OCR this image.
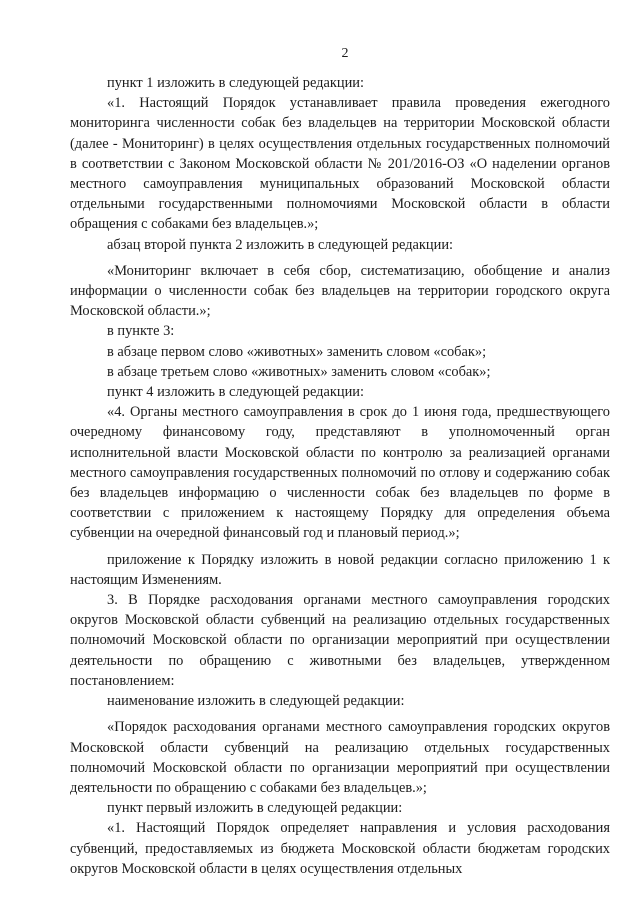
2

пункт 1 изложить в следующей редакции:

«1. Настоящий Порядок устанавливает правила проведения ежегодного мониторинга численности собак без владельцев на территории Московской области (далее - Мониторинг) в целях осуществления отдельных государственных полномочий в соответствии с Законом Московской области № 201/2016-ОЗ «О наделении органов местного самоуправления муниципальных образований Московской области отдельными государственными полномочиями Московской области в области обращения с собаками без владельцев.»;

абзац второй пункта 2 изложить в следующей редакции:

«Мониторинг включает в себя сбор, систематизацию, обобщение и анализ информации о численности собак без владельцев на территории городского округа Московской области.»;

в пункте 3:

в абзаце первом слово «животных» заменить словом «собак»;

в абзаце третьем слово «животных» заменить словом «собак»;

пункт 4 изложить в следующей редакции:

«4. Органы местного самоуправления в срок до 1 июня года, предшествующего очередному финансовому году, представляют в уполномоченный орган исполнительной власти Московской области по контролю за реализацией органами местного самоуправления государственных полномочий по отлову и содержанию собак без владельцев информацию о численности собак без владельцев по форме в соответствии с приложением к настоящему Порядку для определения объема субвенции на очередной финансовый год и плановый период.»;

приложение к Порядку изложить в новой редакции согласно приложению 1 к настоящим Изменениям.

3. В Порядке расходования органами местного самоуправления городских округов Московской области субвенций на реализацию отдельных государственных полномочий Московской области по организации мероприятий при осуществлении деятельности по обращению с животными без владельцев, утвержденном постановлением:

наименование изложить в следующей редакции:

«Порядок расходования органами местного самоуправления городских округов Московской области субвенций на реализацию отдельных государственных полномочий Московской области по организации мероприятий при осуществлении деятельности по обращению с собаками без владельцев.»;

пункт первый изложить в следующей редакции:

«1. Настоящий Порядок определяет направления и условия расходования субвенций, предоставляемых из бюджета Московской области бюджетам городских округов Московской области в целях осуществления отдельных
